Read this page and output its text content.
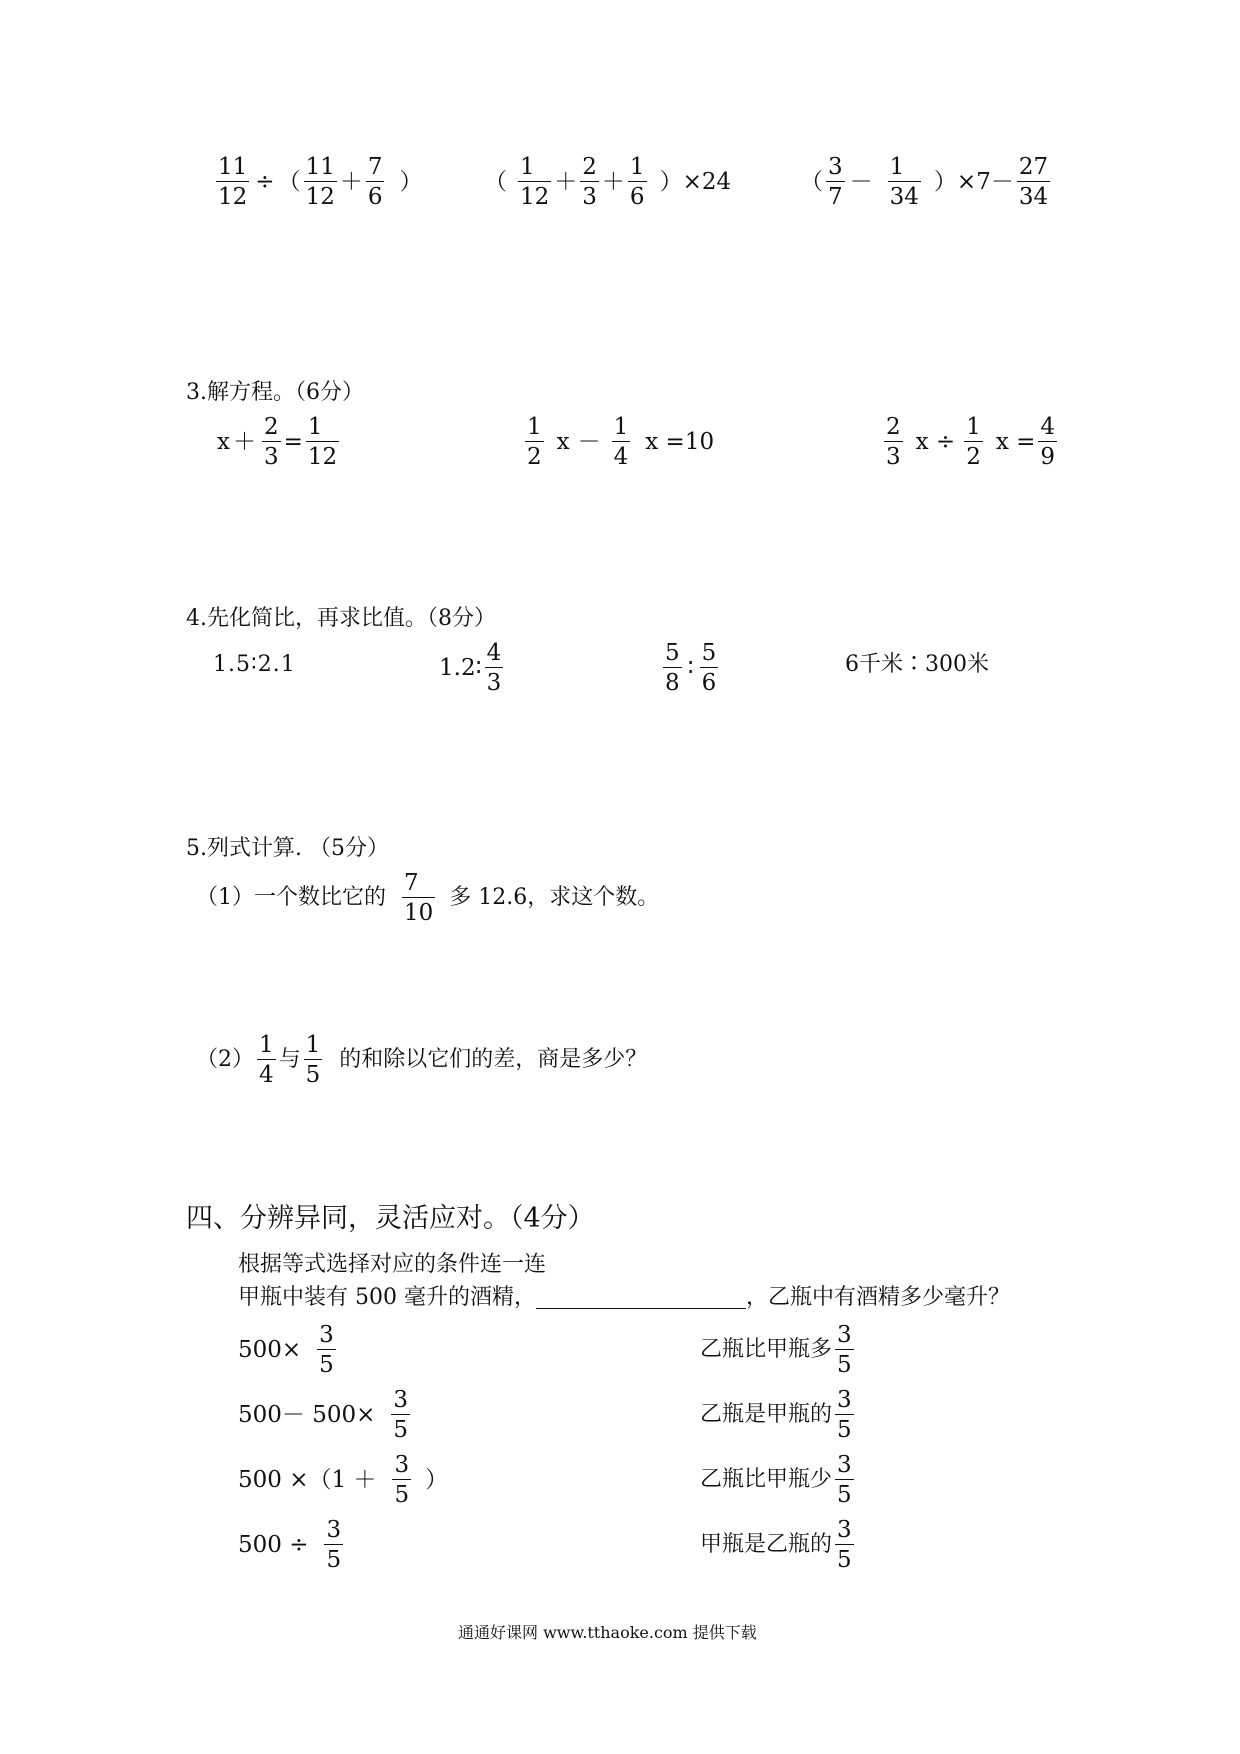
$\frac{11}{12}$ ÷ （ $\frac{11}{12} + \frac{7}{6}$ ）	（ $\frac{1}{12} + \frac{2}{3} + \frac{1}{6} )\times 24$	（ $\frac{3}{7} - \frac{1}{34} )\times 7- \frac{27}{34}$
3.解方程。（6分）
$x + \frac{2}{3} = \frac{1}{12}$	$\frac{1}{2}$ $x - \frac{1}{4}$ x =10	$\frac{2}{3}$ $x \div \frac{1}{2}$ $x = \frac{4}{9}$
4.先化简比，再求比值。（8分）
1.5∶2.1	1.2∶ $\frac{4}{3}$	$\frac{5}{8}$ ∶ $\frac{5}{6}$	6千米∶300米
5.列式计算. （5分）
（1）一个数比它的 $\frac{7}{10}$ 多 12.6，求这个数。
$(2) \frac{1}{4}$ 与 $\frac{1}{5}$ 的和除以它们的差，商是多少？
四、分辨异同，灵活应对。（4分）
根据等式选择对应的条件连一连
甲瓶中装有 500 毫升的酒精，	，乙瓶中有酒精多少毫升？
$500\times \frac{3}{5}$
$500- 500\times \frac{3}{5}$
$500 \times(1 + \frac{3}{5}$ ）
$500 \div \frac{3}{5}$
乙瓶比甲瓶多 $\frac{3}{5}$
乙瓶是甲瓶的 $\frac{3}{5}$
乙瓶比甲瓶少 $\frac{3}{5}$
甲瓶是乙瓶的 $\frac{3}{5}$
通通好课网 www.tthaoke.com 提供下载
